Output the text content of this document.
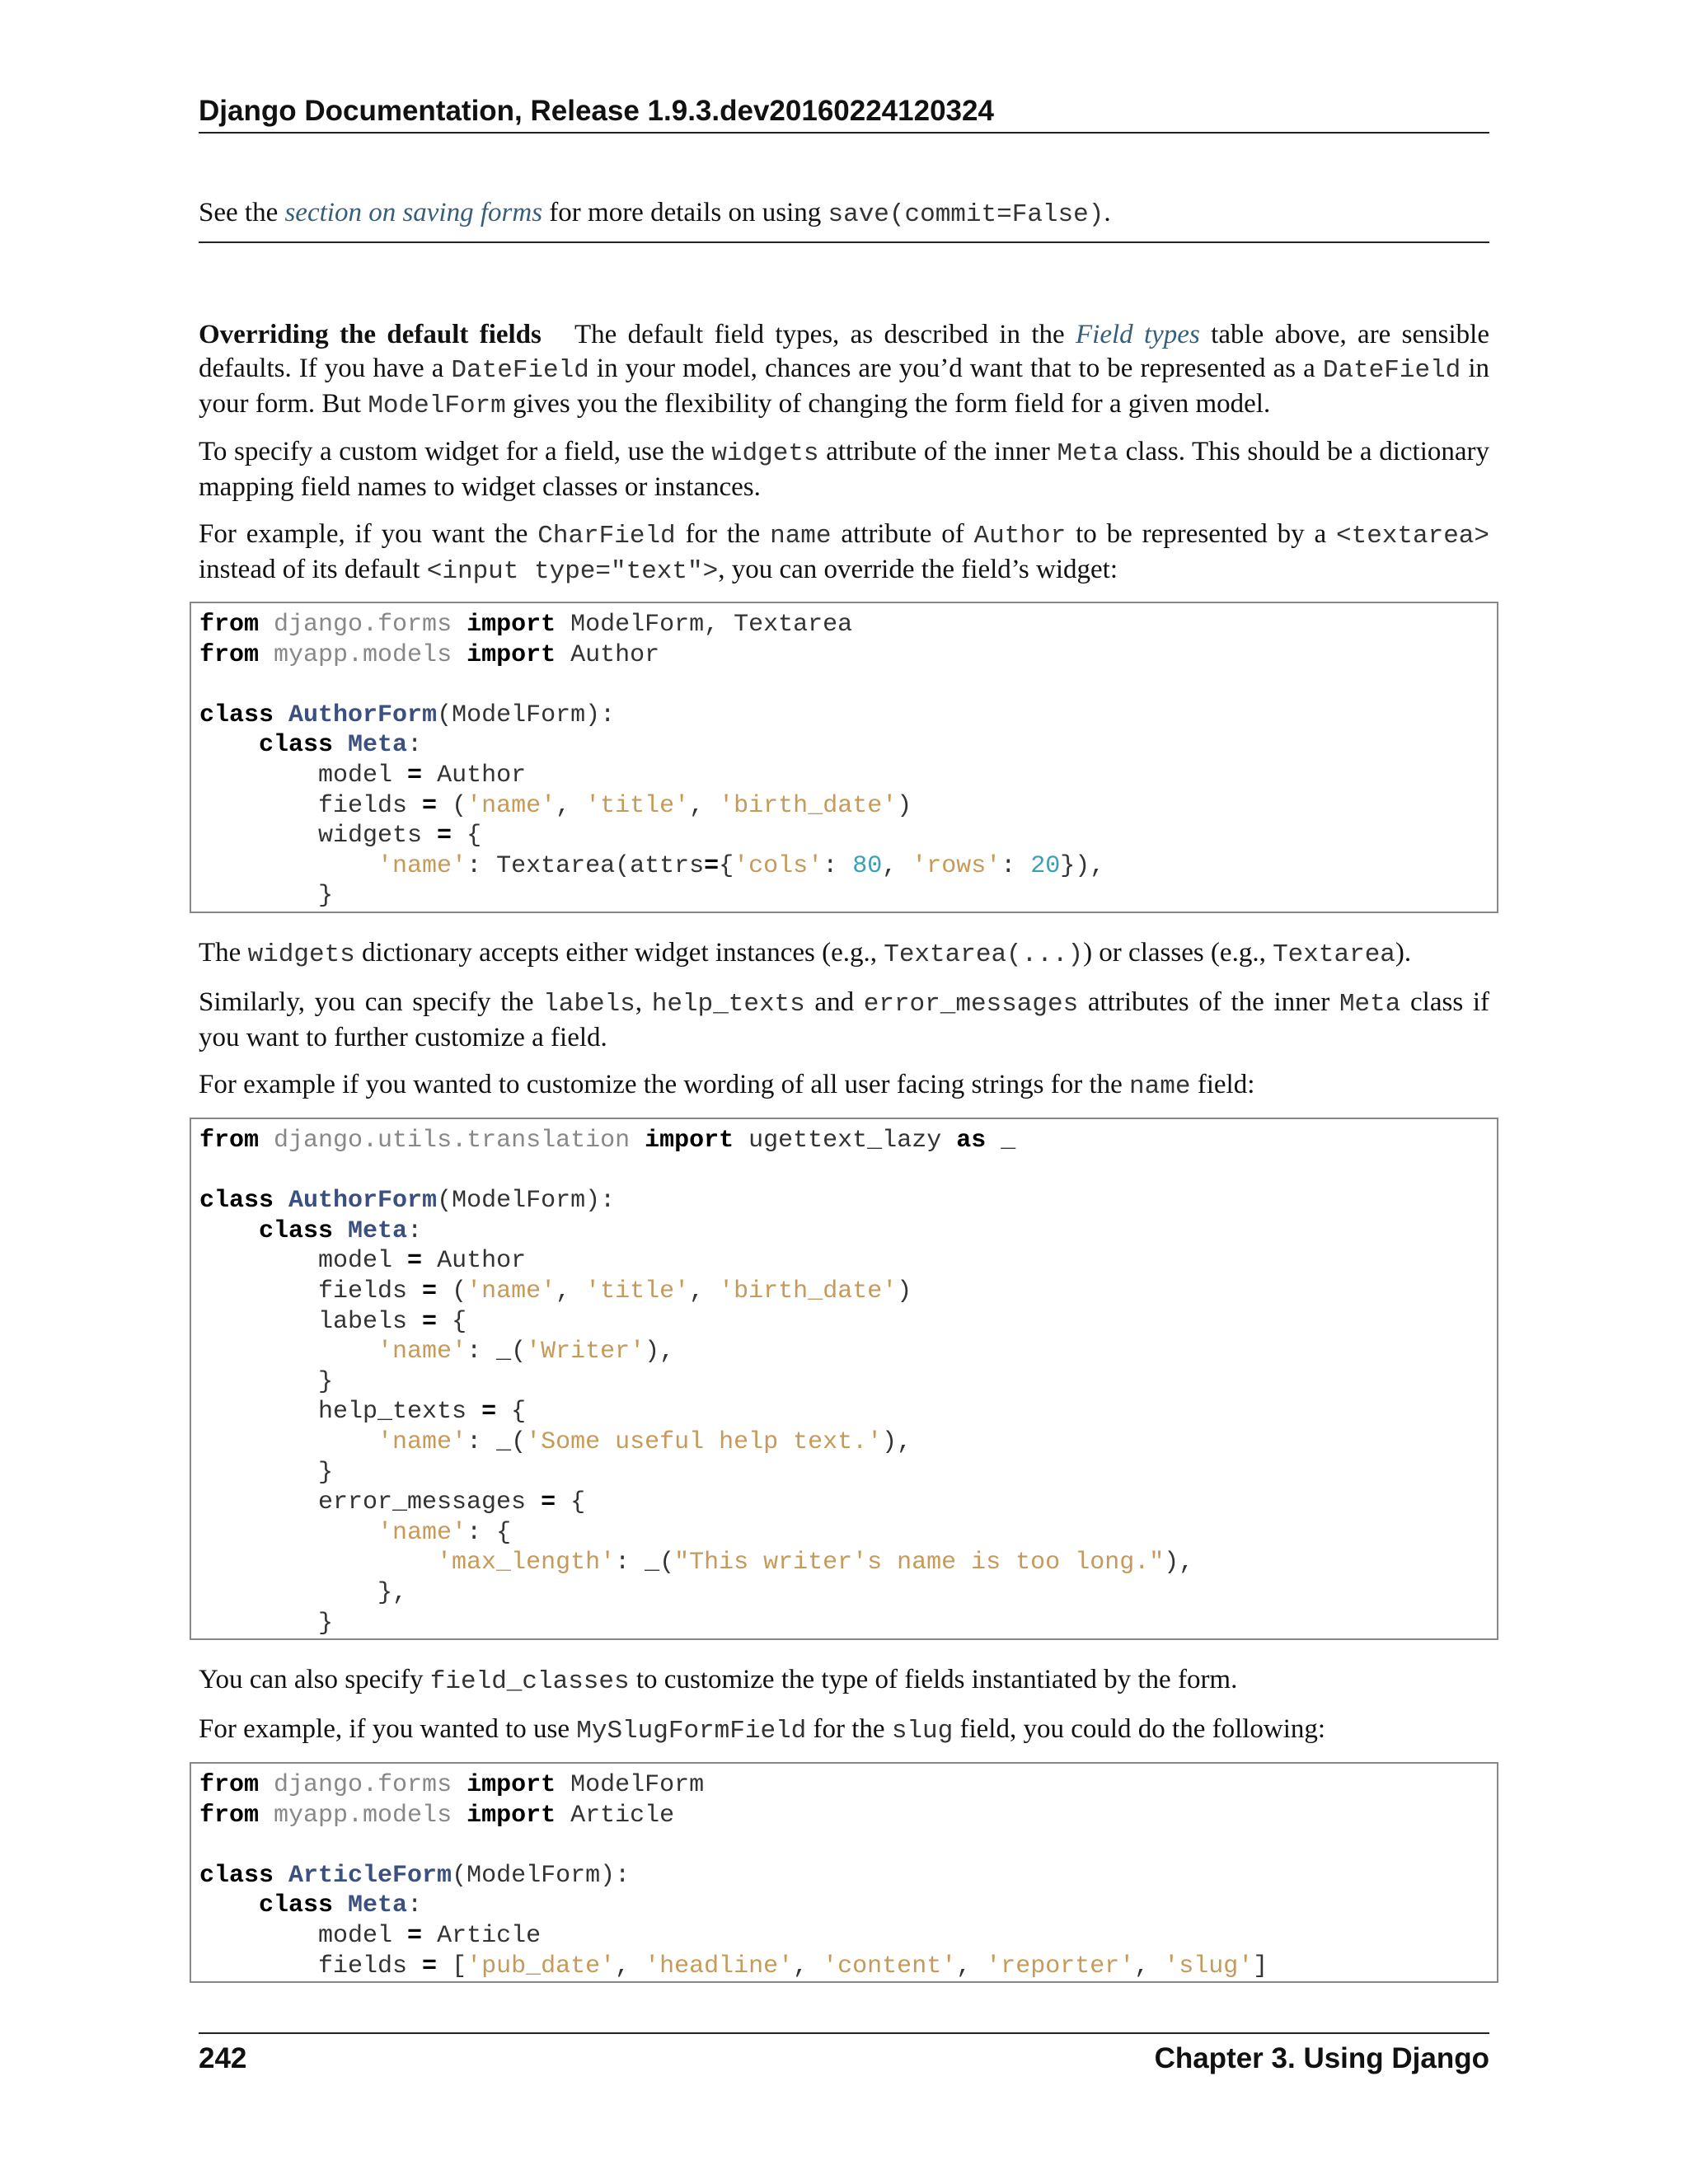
Django Documentation, Release 1.9.3.dev20160224120324
See the section on saving forms for more details on using save(commit=False).

Overriding the default fields The default field types, as described in the Field types table above, are sensible defaults. If you have a DateField in your model, chances are you’d want that to be represented as a DateField in your form. But ModelForm gives you the flexibility of changing the form field for a given model.

To specify a custom widget for a field, use the widgets attribute of the inner Meta class. This should be a dictionary mapping field names to widget classes or instances.

For example, if you want the CharField for the name attribute of Author to be represented by a <textarea> instead of its default <input type="text">, you can override the field’s widget:

from django.forms import ModelForm, Textarea
from myapp.models import Author

class AuthorForm(ModelForm):
class Meta:
model = Author
fields = ('name', 'title', 'birth_date')
widgets = {
'name': Textarea(attrs={'cols': 80, 'rows': 20}),
}

The widgets dictionary accepts either widget instances (e.g., Textarea(...)) or classes (e.g., Textarea).

Similarly, you can specify the labels, help_texts and error_messages attributes of the inner Meta class if you want to further customize a field.

For example if you wanted to customize the wording of all user facing strings for the name field:

from django.utils.translation import ugettext_lazy as _

class AuthorForm(ModelForm):
class Meta:
model = Author
fields = ('name', 'title', 'birth_date')
labels = {
'name': _('Writer'),
}
help_texts = {
'name': _('Some useful help text.'),
}
error_messages = {
'name': {
'max_length': _("This writer's name is too long."),
},
}

You can also specify field_classes to customize the type of fields instantiated by the form.

For example, if you wanted to use MySlugFormField for the slug field, you could do the following:

from django.forms import ModelForm
from myapp.models import Article

class ArticleForm(ModelForm):
class Meta:
model = Article
fields = ['pub_date', 'headline', 'content', 'reporter', 'slug']
242	Chapter 3. Using Django
